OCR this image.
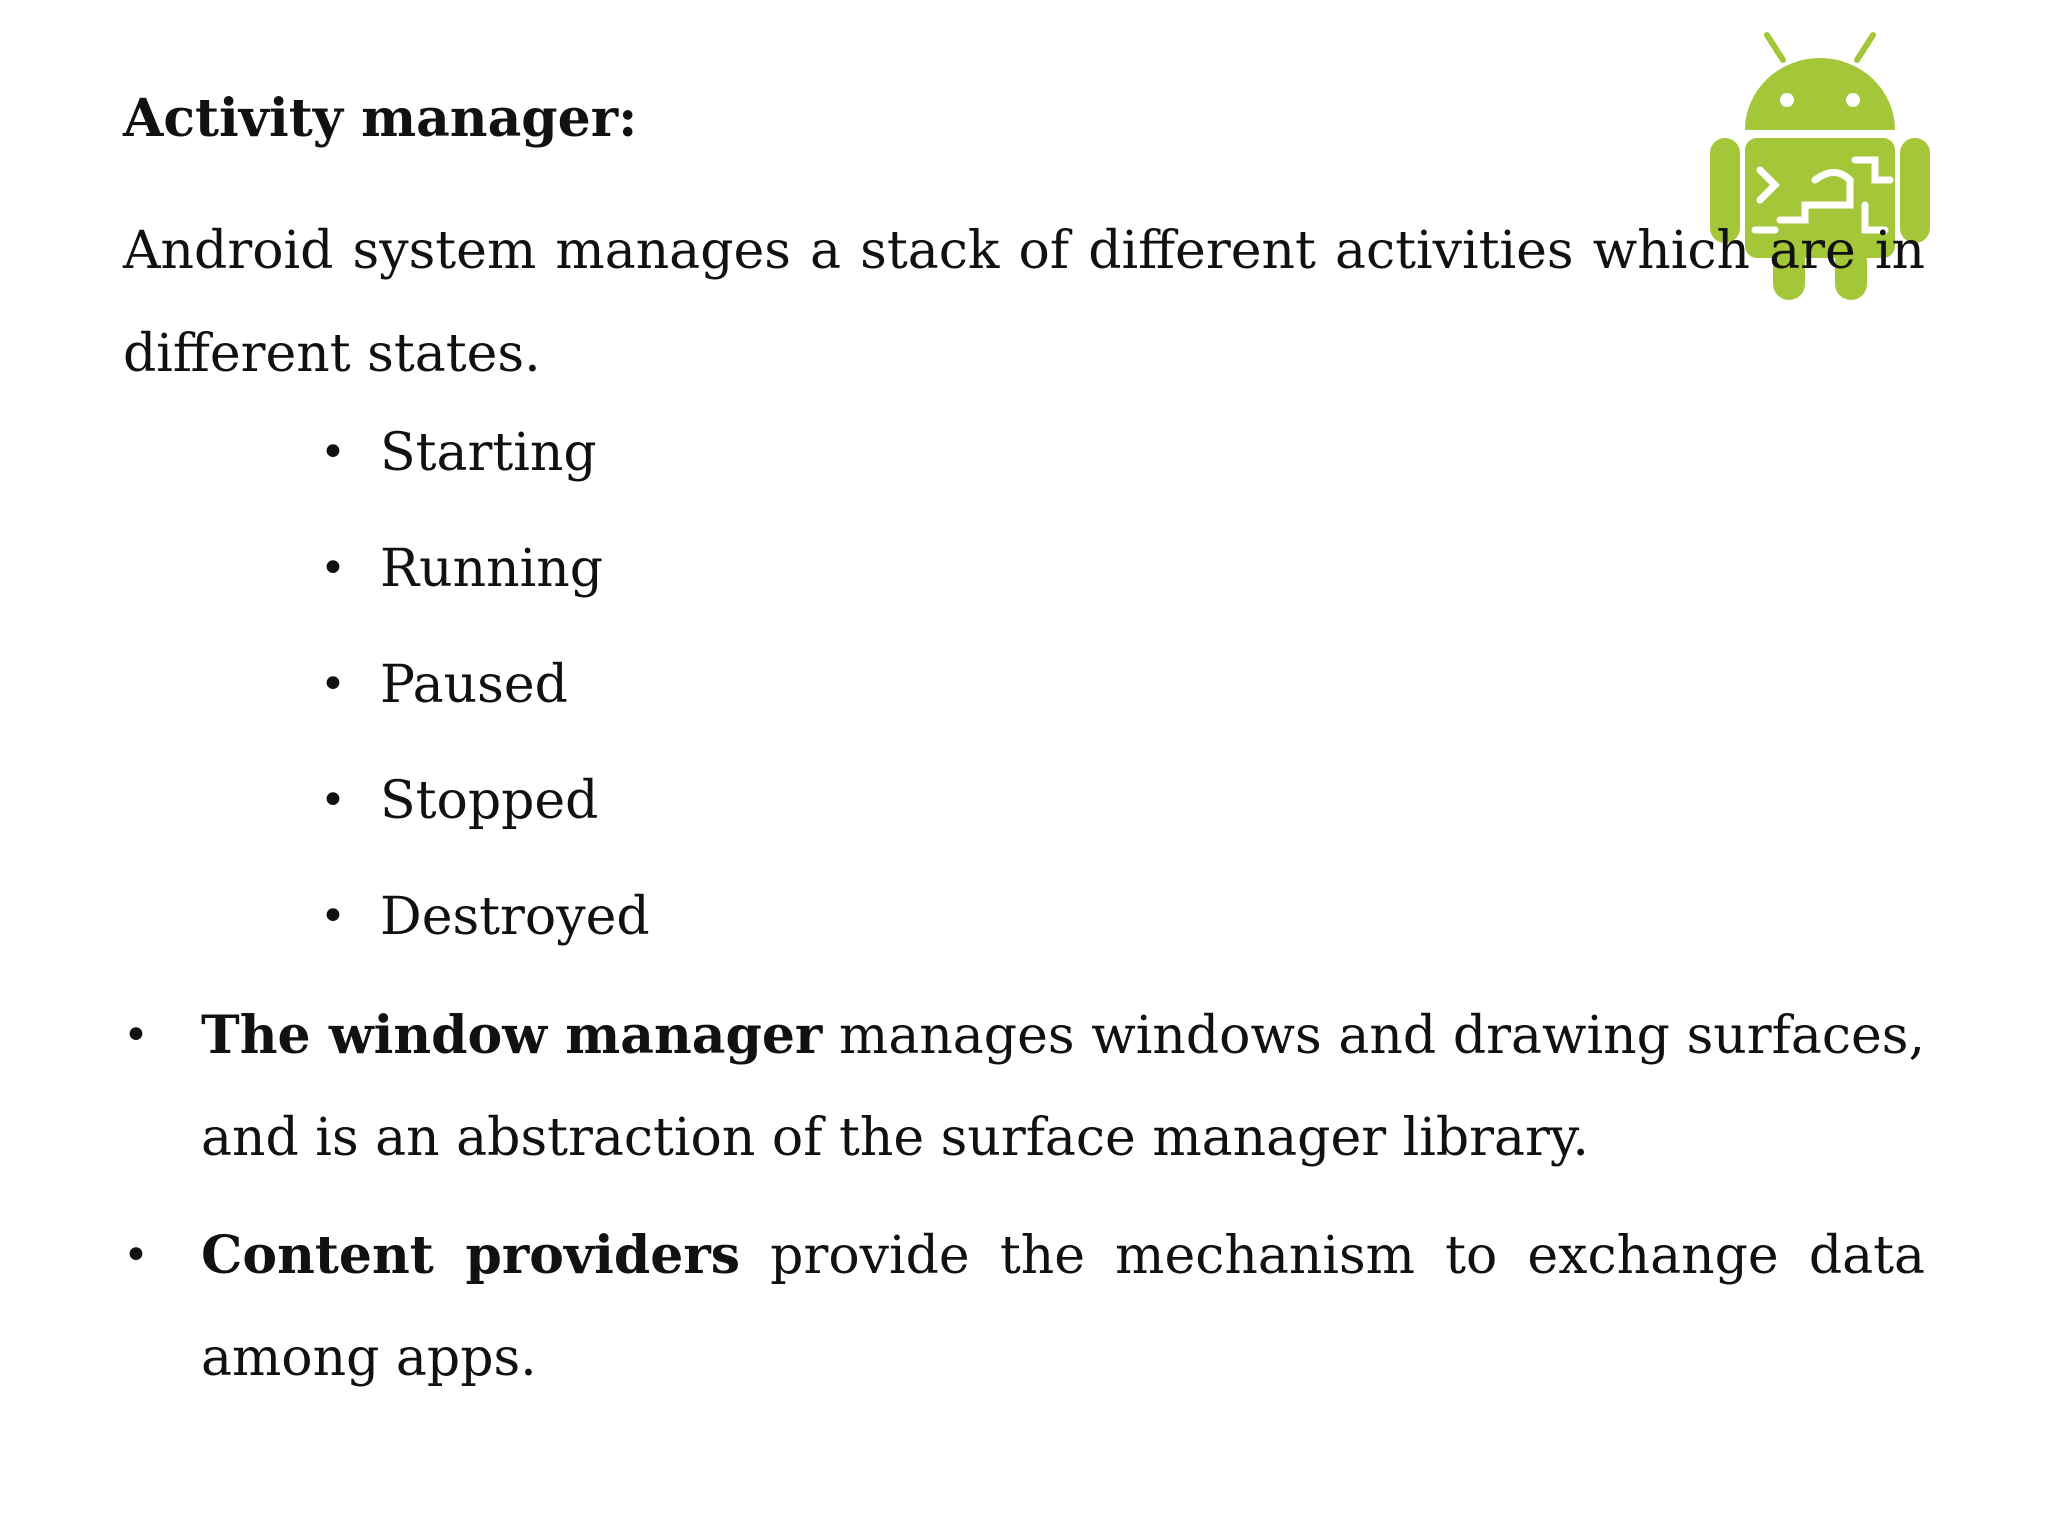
Activity manager:
Android system manages a stack of different activities which are in different states.
• Starting
• Running
• Paused
• Stopped
• Destroyed
• The window manager manages windows and drawing surfaces, and is an abstraction of the surface manager library.
• Content providers provide the mechanism to exchange data among apps.
